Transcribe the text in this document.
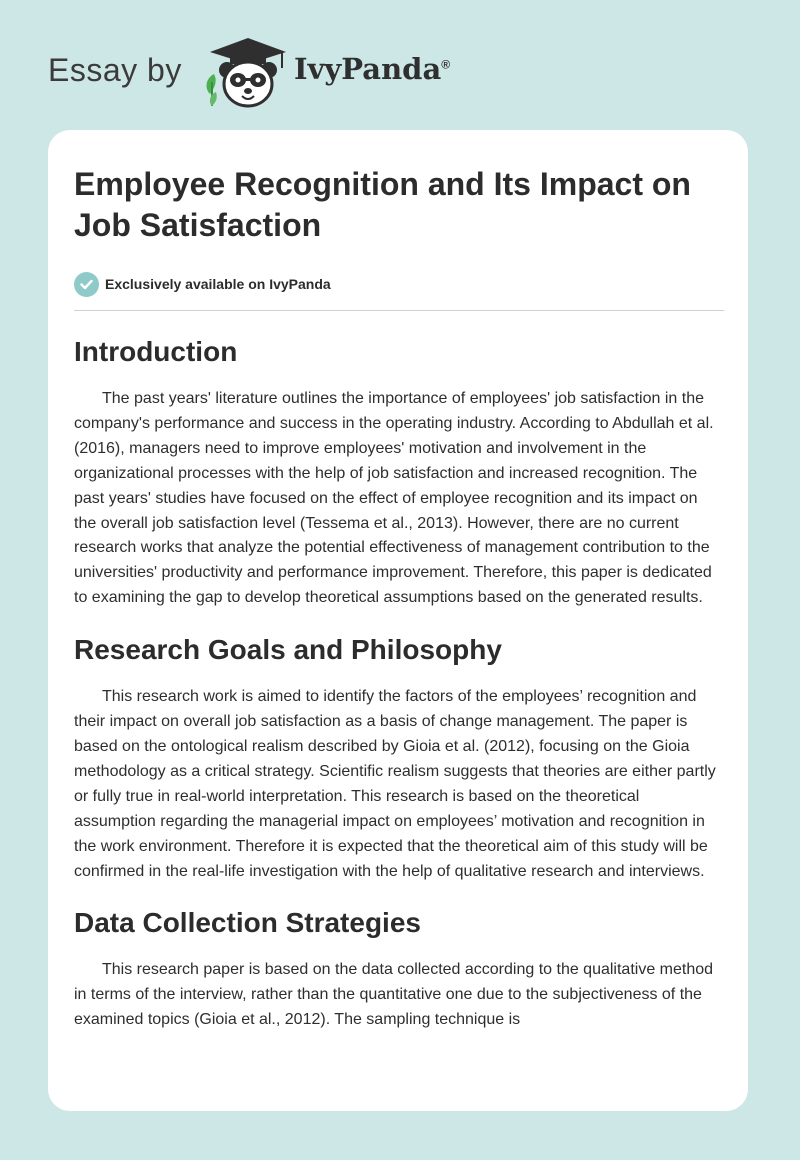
Essay by	IvyPanda®
Employee Recognition and Its Impact on Job Satisfaction
Exclusively available on IvyPanda
Introduction

The past years' literature outlines the importance of employees' job satisfaction in the company's performance and success in the operating industry. According to Abdullah et al. (2016), managers need to improve employees' motivation and involvement in the organizational processes with the help of job satisfaction and increased recognition. The past years' studies have focused on the effect of employee recognition and its impact on the overall job satisfaction level (Tessema et al., 2013). However, there are no current research works that analyze the potential effectiveness of management contribution to the universities' productivity and performance improvement. Therefore, this paper is dedicated to examining the gap to develop theoretical assumptions based on the generated results.

Research Goals and Philosophy

This research work is aimed to identify the factors of the employees’ recognition and their impact on overall job satisfaction as a basis of change management. The paper is based on the ontological realism described by Gioia et al. (2012), focusing on the Gioia methodology as a critical strategy. Scientific realism suggests that theories are either partly or fully true in real-world interpretation. This research is based on the theoretical assumption regarding the managerial impact on employees’ motivation and recognition in the work environment. Therefore it is expected that the theoretical aim of this study will be confirmed in the real-life investigation with the help of qualitative research and interviews.

Data Collection Strategies

This research paper is based on the data collected according to the qualitative method in terms of the interview, rather than the quantitative one due to the subjectiveness of the examined topics (Gioia et al., 2012). The sampling technique is
